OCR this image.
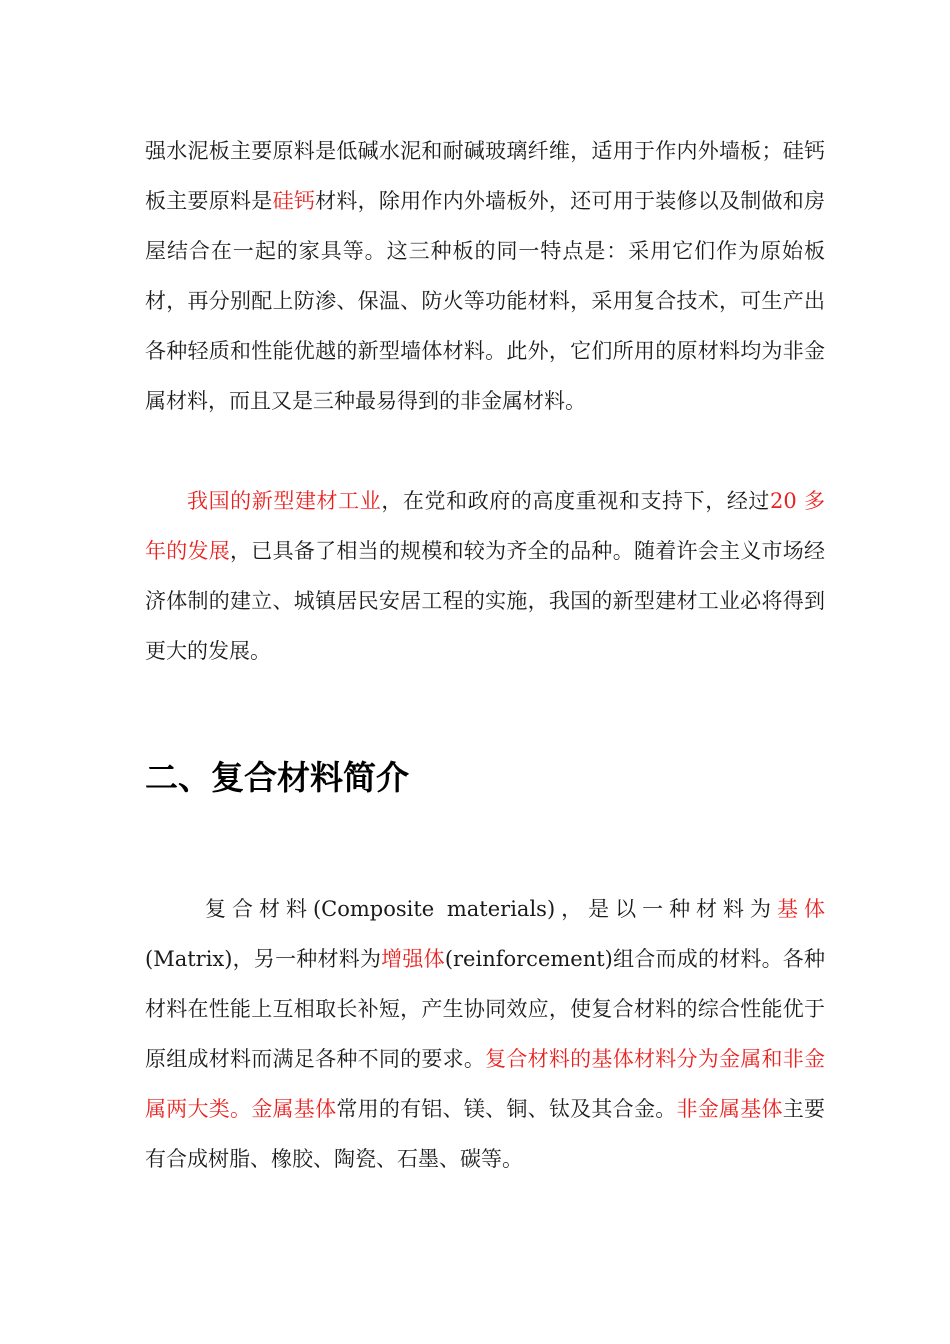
强水泥板主要原料是低碱水泥和耐碱玻璃纤维，适用于作内外墙板；硅钙板主要原料是硅钙材料，除用作内外墙板外，还可用于装修以及制做和房屋结合在一起的家具等。这三种板的同一特点是：采用它们作为原始板材，再分别配上防渗、保温、防火等功能材料，采用复合技术，可生产出各种轻质和性能优越的新型墙体材料。此外，它们所用的原材料均为非金属材料，而且又是三种最易得到的非金属材料。

我国的新型建材工业，在党和政府的高度重视和支持下，经过20 多年的发展，已具备了相当的规模和较为齐全的品种。随着许会主义市场经济体制的建立、城镇居民安居工程的实施，我国的新型建材工业必将得到更大的发展。

二、复合材料简介

复合材料(Composite materials)，是以一种材料为基体(Matrix)，另一种材料为增强体(reinforcement)组合而成的材料。各种材料在性能上互相取长补短，产生协同效应，使复合材料的综合性能优于原组成材料而满足各种不同的要求。复合材料的基体材料分为金属和非金属两大类。金属基体常用的有铝、镁、铜、钛及其合金。非金属基体主要有合成树脂、橡胶、陶瓷、石墨、碳等。
